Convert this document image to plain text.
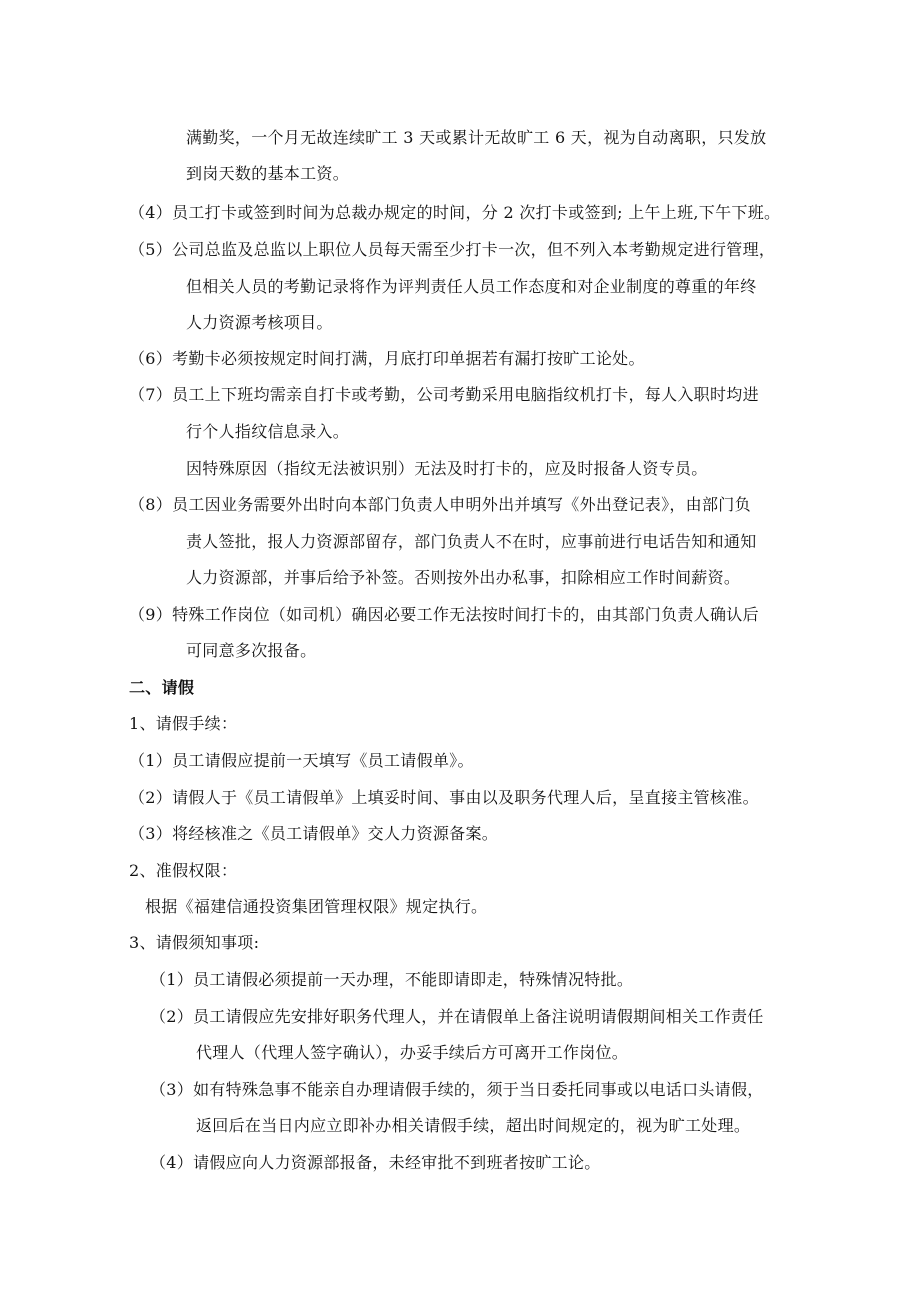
满勤奖，一个月无故连续旷工 3 天或累计无故旷工 6 天，视为自动离职，只发放

到岗天数的基本工资。

（4）员工打卡或签到时间为总裁办规定的时间，分 2 次打卡或签到; 上午上班,下午下班。

（5）公司总监及总监以上职位人员每天需至少打卡一次，但不列入本考勤规定进行管理，

但相关人员的考勤记录将作为评判责任人员工作态度和对企业制度的尊重的年终

人力资源考核项目。

（6）考勤卡必须按规定时间打满，月底打印单据若有漏打按旷工论处。

（7）员工上下班均需亲自打卡或考勤，公司考勤采用电脑指纹机打卡，每人入职时均进

行个人指纹信息录入。

因特殊原因（指纹无法被识别）无法及时打卡的，应及时报备人资专员。

（8）员工因业务需要外出时向本部门负责人申明外出并填写《外出登记表》，由部门负

责人签批，报人力资源部留存，部门负责人不在时，应事前进行电话告知和通知

人力资源部，并事后给予补签。否则按外出办私事，扣除相应工作时间薪资。

（9）特殊工作岗位（如司机）确因必要工作无法按时间打卡的，由其部门负责人确认后

可同意多次报备。

二、请假

1、请假手续：

（1）员工请假应提前一天填写《员工请假单》。

（2）请假人于《员工请假单》上填妥时间、事由以及职务代理人后，呈直接主管核准。

（3）将经核准之《员工请假单》交人力资源备案。

2、准假权限：

根据《福建信通投资集团管理权限》规定执行。

3、请假须知事项:

（1）员工请假必须提前一天办理，不能即请即走，特殊情况特批。

（2）员工请假应先安排好职务代理人，并在请假单上备注说明请假期间相关工作责任

代理人（代理人签字确认），办妥手续后方可离开工作岗位。

（3）如有特殊急事不能亲自办理请假手续的，须于当日委托同事或以电话口头请假，

返回后在当日内应立即补办相关请假手续，超出时间规定的，视为旷工处理。

（4）请假应向人力资源部报备，未经审批不到班者按旷工论。
